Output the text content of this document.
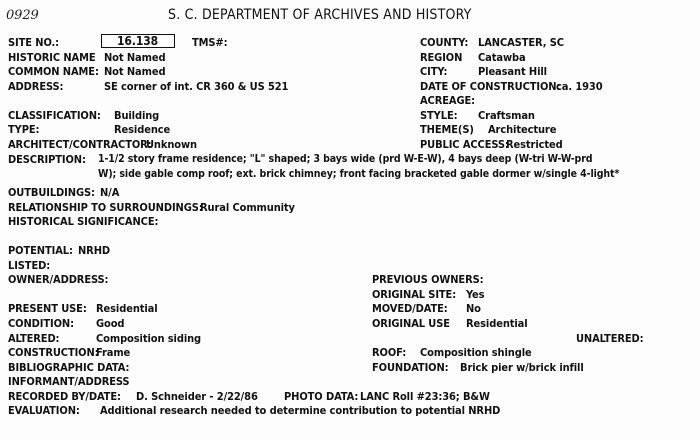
0929	S. C. DEPARTMENT OF ARCHIVES AND HISTORY
SITE NO.:	16.138	TMS#:
HISTORIC NAME Not Named
COMMON NAME: Not Named
ADDRESS:	SE corner of int. CR 360 & US 521
COUNTY: LANCASTER, SC
REGION Catawba
CITY:	Pleasant Hill
DATE OF CONSTRUCTION:
ca. 1930
ACREAGE:
CLASSIFICATION: Building
TYPE:	Residence
ARCHITECT/CONTRACTOR:
Unknown
STYLE: Craftsman
THEME(S) Architecture
PUBLIC ACCESS:
Restricted
DESCRIPTION: 1-1/2 story frame residence; "L" shaped; 3 bays wide (prd W-E-W), 4 bays deep (W-tri W-W-prd
W); side gable comp roof; ext. brick chimney; front facing bracketed gable dormer w/single 4-light*
OUTBUILDINGS: N/A
RELATIONSHIP TO SURROUNDINGS:
Rural Community
HISTORICAL SIGNIFICANCE:
POTENTIAL: NRHD
LISTED:
OWNER/ADDRESS:	PREVIOUS OWNERS:
ORIGINAL SITE: Yes
PRESENT USE: Residential	MOVED/DATE: No
CONDITION: Good	ORIGINAL USE Residential
ALTERED:	Composition siding	UNALTERED:
CONSTRUCTION:
Frame	ROOF: Composition shingle
BIBLIOGRAPHIC DATA:	FOUNDATION: Brick pier w/brick infill
INFORMANT/ADDRESS
RECORDED BY/DATE: D. Schneider - 2/22/86 PHOTO DATA: LANC Roll #23:36; B&W
EVALUATION: Additional research needed to determine contribution to potential NRHD
